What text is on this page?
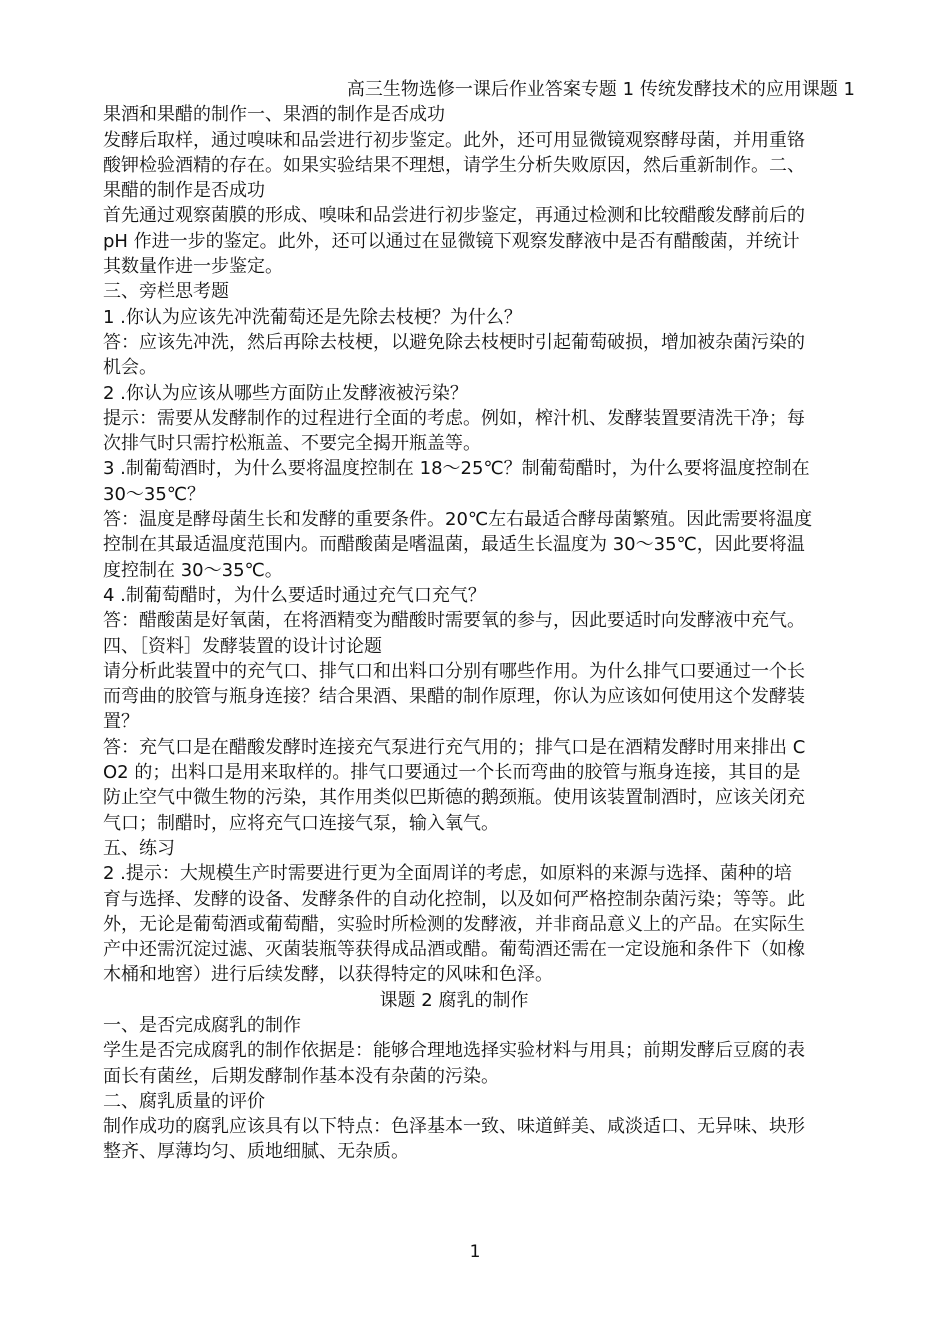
高三生物选修一课后作业答案专题 1 传统发酵技术的应用课题 1
果酒和果醋的制作一、果酒的制作是否成功
发酵后取样，通过嗅味和品尝进行初步鉴定。此外，还可用显微镜观察酵母菌，并用重铬
酸钾检验酒精的存在。如果实验结果不理想，请学生分析失败原因，然后重新制作。二、
果醋的制作是否成功
首先通过观察菌膜的形成、嗅味和品尝进行初步鉴定，再通过检测和比较醋酸发酵前后的
pH 作进一步的鉴定。此外，还可以通过在显微镜下观察发酵液中是否有醋酸菌，并统计
其数量作进一步鉴定。
三、旁栏思考题
1 .你认为应该先冲洗葡萄还是先除去枝梗？为什么？
答：应该先冲洗，然后再除去枝梗，以避免除去枝梗时引起葡萄破损，增加被杂菌污染的
机会。
2 .你认为应该从哪些方面防止发酵液被污染？
提示：需要从发酵制作的过程进行全面的考虑。例如，榨汁机、发酵装置要清洗干净；每
次排气时只需拧松瓶盖、不要完全揭开瓶盖等。
3 .制葡萄酒时，为什么要将温度控制在 18～25℃？制葡萄醋时，为什么要将温度控制在
30～35℃？
答：温度是酵母菌生长和发酵的重要条件。20℃左右最适合酵母菌繁殖。因此需要将温度
控制在其最适温度范围内。而醋酸菌是嗜温菌，最适生长温度为 30～35℃，因此要将温
度控制在 30～35℃。
4 .制葡萄醋时，为什么要适时通过充气口充气？
答：醋酸菌是好氧菌，在将酒精变为醋酸时需要氧的参与，因此要适时向发酵液中充气。
四、［资料］发酵装置的设计讨论题
请分析此装置中的充气口、排气口和出料口分别有哪些作用。为什么排气口要通过一个长
而弯曲的胶管与瓶身连接？结合果酒、果醋的制作原理，你认为应该如何使用这个发酵装
置？
答：充气口是在醋酸发酵时连接充气泵进行充气用的；排气口是在酒精发酵时用来排出 C
O2 的；出料口是用来取样的。排气口要通过一个长而弯曲的胶管与瓶身连接，其目的是
防止空气中微生物的污染，其作用类似巴斯德的鹅颈瓶。使用该装置制酒时，应该关闭充
气口；制醋时，应将充气口连接气泵，输入氧气。
五、练习
2 .提示：大规模生产时需要进行更为全面周详的考虑，如原料的来源与选择、菌种的培
育与选择、发酵的设备、发酵条件的自动化控制，以及如何严格控制杂菌污染；等等。此
外，无论是葡萄酒或葡萄醋，实验时所检测的发酵液，并非商品意义上的产品。在实际生
产中还需沉淀过滤、灭菌装瓶等获得成品酒或醋。葡萄酒还需在一定设施和条件下（如橡
木桶和地窖）进行后续发酵，以获得特定的风味和色泽。
课题 2 腐乳的制作
一、是否完成腐乳的制作
学生是否完成腐乳的制作依据是：能够合理地选择实验材料与用具；前期发酵后豆腐的表
面长有菌丝，后期发酵制作基本没有杂菌的污染。
二、腐乳质量的评价
制作成功的腐乳应该具有以下特点：色泽基本一致、味道鲜美、咸淡适口、无异味、块形
整齐、厚薄均匀、质地细腻、无杂质。
1
